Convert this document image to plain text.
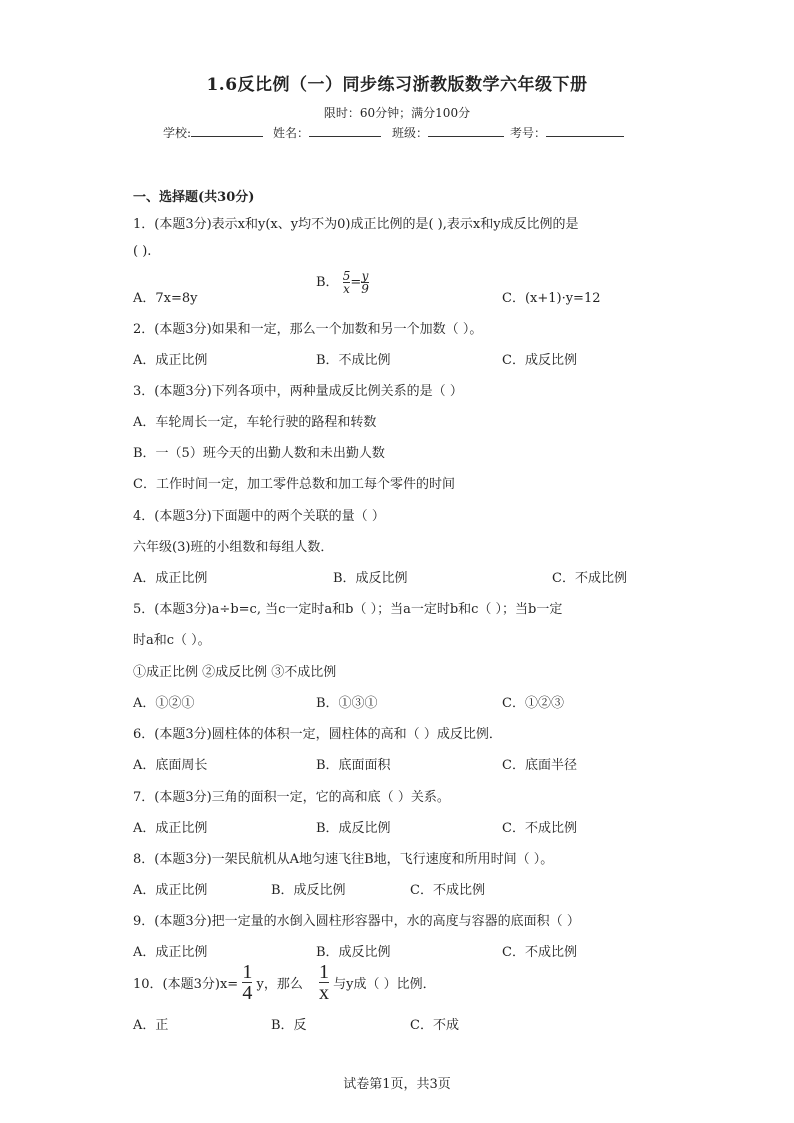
1.6反比例（一）同步练习浙教版数学六年级下册
限时：60分钟；满分100分
学校:	姓名：	班级：	考号：
一、选择题(共30分)
1．(本题3分)表示x和y(x、y均不为0)成正比例的是( ),表示x和y成反比例的是
( ).
A．7x=8y
B． $\frac{5}{x} = \frac{y}{9}$
C．(x+1)·y=12
2．(本题3分)如果和一定，那么一个加数和另一个加数（ ）。
A．成正比例	B．不成比例	C．成反比例
3．(本题3分)下列各项中，两种量成反比例关系的是（ ）
A．车轮周长一定，车轮行驶的路程和转数
B．一（5）班今天的出勤人数和未出勤人数
C．工作时间一定，加工零件总数和加工每个零件的时间
4．(本题3分)下面题中的两个关联的量（ ）
六年级(3)班的小组数和每组人数．
A．成正比例	B．成反比例	C．不成比例
5．(本题3分)a÷b=c, 当c一定时a和b（ ）；当a一定时b和c（ ）；当b一定
时a和c（ ）。
①成正比例 ②成反比例 ③不成比例
A．①②①	B．①③①	C．①②③
6．(本题3分)圆柱体的体积一定，圆柱体的高和（ ）成反比例．
A．底面周长	B．底面面积	C．底面半径
7．(本题3分)三角的面积一定，它的高和底（ ）关系。
A．成正比例	B．成反比例	C．不成比例
8．(本题3分)一架民航机从A地匀速飞往B地，飞行速度和所用时间（ ）。
A．成正比例	B．成反比例	C．不成比例
9．(本题3分)把一定量的水倒入圆柱形容器中，水的高度与容器的底面积（ ）
A．成正比例	B．成反比例	C．不成比例
10．(本题3分)$x= \frac{1}{4}$ y，那么 $\frac{1}{x}$ 与y成（ ）比例．
A．正	B．反	C．不成
试卷第1页，共3页
